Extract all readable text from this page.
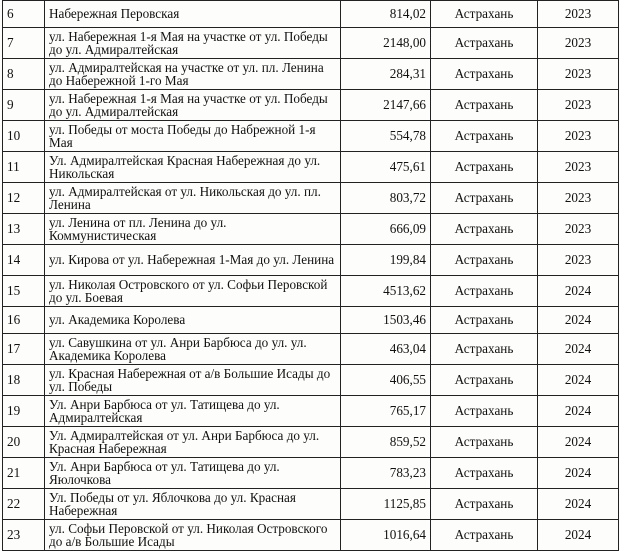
6	Набережная Перовская	814,02	Астрахань	2023
7	ул. Набережная 1-я Мая на участке от ул. Победы до ул. Адмиралтейская	2148,00	Астрахань	2023
8	ул. Адмиралтейская на участке от ул. пл. Ленина до Набережной 1-го Мая	284,31	Астрахань	2023
9	ул. Набережная 1-я Мая на участке от ул. Победы до ул. Адмиралтейская	2147,66	Астрахань	2023
10	ул. Победы от моста Победы до Набрежной 1-я Мая	554,78	Астрахань	2023
11	Ул. Адмиралтейская Красная Набережная до ул. Никольская	475,61	Астрахань	2023
12	ул. Адмиралтейская от ул. Никольская до ул. пл. Ленина	803,72	Астрахань	2023
13	ул. Ленина от пл. Ленина до ул. Коммунистическая	666,09	Астрахань	2023
14	ул. Кирова от ул. Набережная 1-Мая до ул. Ленина	199,84	Астрахань	2023
15	ул. Николая Островского от ул. Софьи Перовской до ул. Боевая	4513,62	Астрахань	2024
16	ул. Академика Королева	1503,46	Астрахань	2024
17	ул. Савушкина от ул. Анри Барбюса до ул. ул. Академика Королева	463,04	Астрахань	2024
18	ул. Красная Набережная от а/в Большие Исады до ул. Победы	406,55	Астрахань	2024
19	Ул. Анри Барбюса от ул. Татищева до ул. Адмиралтейская	765,17	Астрахань	2024
20	Ул. Адмиралтейская от ул. Анри Барбюса до ул. Красная Набережная	859,52	Астрахань	2024
21	Ул. Анри Барбюса от ул. Татищева до ул. Яюлочкова	783,23	Астрахань	2024
22	Ул. Победы от ул. Яблочкова до ул. Красная Набережная	1125,85	Астрахань	2024
23	ул. Софьи Перовской от ул. Николая Островского до а/в Большие Исады	1016,64	Астрахань	2024
